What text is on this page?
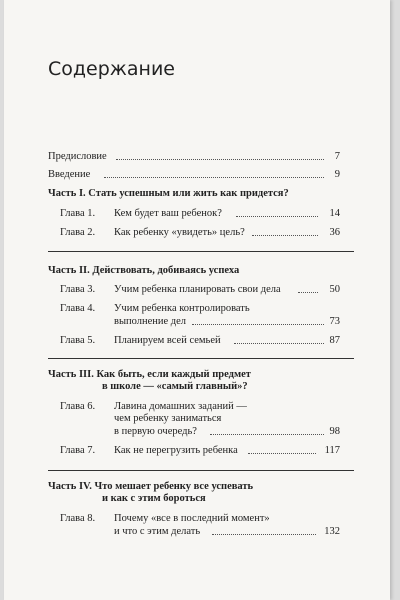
Содержание
Предисловие	7
Введение	9
Часть I. Стать успешным или жить как придется?
Глава 1. Кем будет ваш ребенок?	14
Глава 2. Как ребенку «увидеть» цель?	36
Часть II. Действовать, добиваясь успеха
Глава 3. Учим ребенка планировать свои дела	50
Глава 4. Учим ребенка контролировать
выполнение дел	73
Глава 5. Планируем всей семьей	87
Часть III. Как быть, если каждый предмет
в школе — «самый главный»?
Глава 6. Лавина домашних заданий —
чем ребенку заниматься
в первую очередь?	98
Глава 7. Как не перегрузить ребенка	117
Часть IV. Что мешает ребенку все успевать
и как с этим бороться
Глава 8. Почему «все в последний момент»
и что с этим делать	132
